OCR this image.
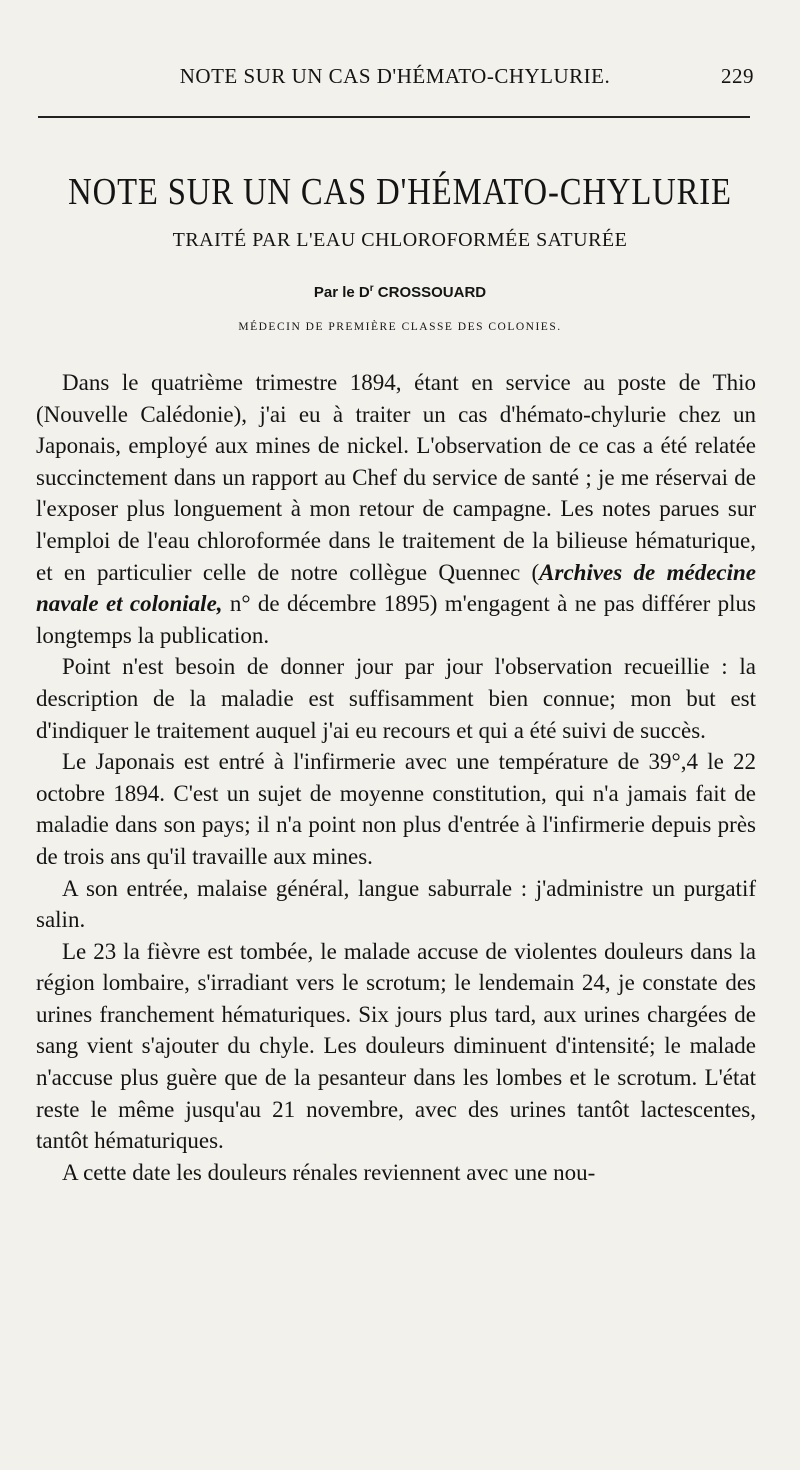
NOTE SUR UN CAS D'HÉMATO-CHYLURIE.	229
NOTE SUR UN CAS D'HÉMATO-CHYLURIE
TRAITÉ PAR L'EAU CHLOROFORMÉE SATURÉE
Par le $D^r$ CROSSOUARD
MÉDECIN DE PREMIÈRE CLASSE DES COLONIES.

Dans le quatrième trimestre 1894, étant en service au poste de Thio (Nouvelle Calédonie), j'ai eu à traiter un cas d'hémato-chylurie chez un Japonais, employé aux mines de nickel. L'observation de ce cas a été relatée succinctement dans un rapport au Chef du service de santé ; je me réservai de l'exposer plus longuement à mon retour de campagne. Les notes parues sur l'emploi de l'eau chloroformée dans le traitement de la bilieuse hématurique, et en particulier celle de notre collègue Quennec (Archives de médecine navale et coloniale, n° de décembre 1895) m'engagent à ne pas différer plus longtemps la publication.

Point n'est besoin de donner jour par jour l'observation recueillie : la description de la maladie est suffisamment bien connue; mon but est d'indiquer le traitement auquel j'ai eu recours et qui a été suivi de succès.

Le Japonais est entré à l'infirmerie avec une température de 39°,4 le 22 octobre 1894. C'est un sujet de moyenne constitution, qui n'a jamais fait de maladie dans son pays; il n'a point non plus d'entrée à l'infirmerie depuis près de trois ans qu'il travaille aux mines.

A son entrée, malaise général, langue saburrale : j'administre un purgatif salin.

Le 23 la fièvre est tombée, le malade accuse de violentes douleurs dans la région lombaire, s'irradiant vers le scrotum; le lendemain 24, je constate des urines franchement hématuriques. Six jours plus tard, aux urines chargées de sang vient s'ajouter du chyle. Les douleurs diminuent d'intensité; le malade n'accuse plus guère que de la pesanteur dans les lombes et le scrotum. L'état reste le même jusqu'au 21 novembre, avec des urines tantôt lactescentes, tantôt hématuriques.

A cette date les douleurs rénales reviennent avec une nou-
